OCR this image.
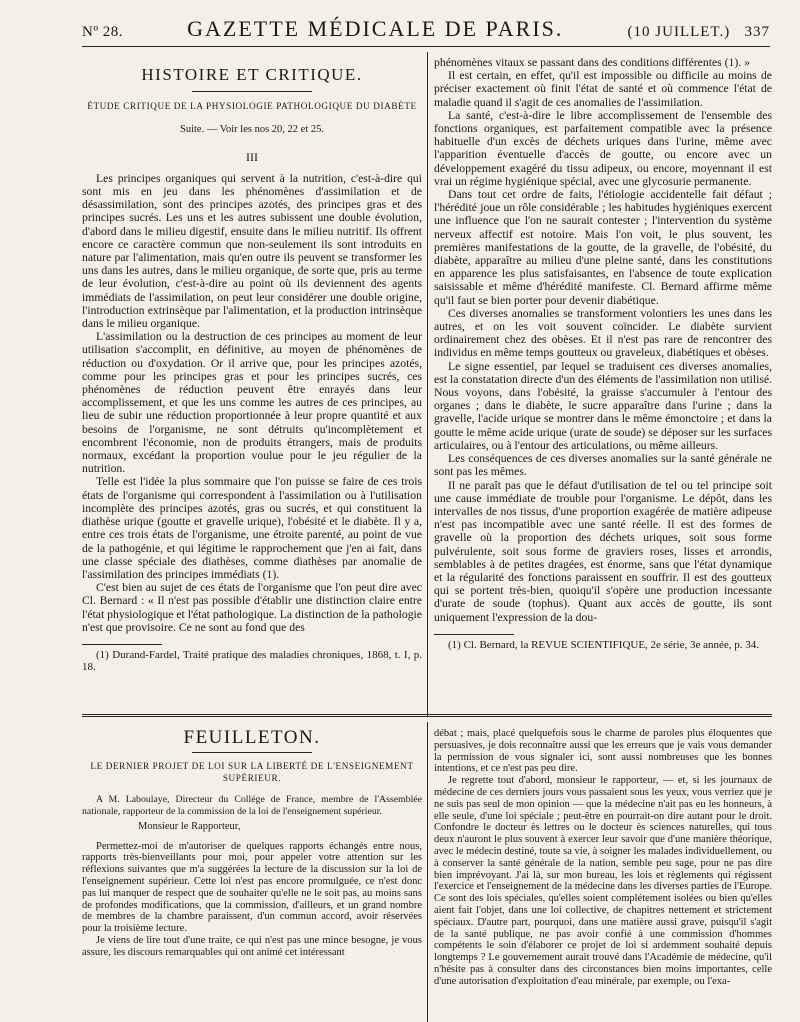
Nº 28.	GAZETTE MÉDICALE DE PARIS.	(10 JUILLET.) 337
HISTOIRE ET CRITIQUE.
ÉTUDE CRITIQUE DE LA PHYSIOLOGIE PATHOLOGIQUE DU DIABÈTE
Suite. — Voir les nos 20, 22 et 25.
III

Les principes organiques qui servent à la nutrition, c'est-à-dire qui sont mis en jeu dans les phénomènes d'assimilation et de désassimilation, sont des principes azotés, des principes gras et des principes sucrés. Les uns et les autres subissent une double évolution, d'abord dans le milieu digestif, ensuite dans le milieu nutritif. Ils offrent encore ce caractère commun que non-seulement ils sont introduits en nature par l'alimentation, mais qu'en outre ils peuvent se transformer les uns dans les autres, dans le milieu organique, de sorte que, pris au terme de leur évolution, c'est-à-dire au point où ils deviennent des agents immédiats de l'assimilation, on peut leur considérer une double origine, l'introduction extrinsèque par l'alimentation, et la production intrinsèque dans le milieu organique.

L'assimilation ou la destruction de ces principes au moment de leur utilisation s'accomplit, en définitive, au moyen de phénomènes de réduction ou d'oxydation. Or il arrive que, pour les principes azotés, comme pour les principes gras et pour les principes sucrés, ces phénomènes de réduction peuvent être enrayés dans leur accomplissement, et que les uns comme les autres de ces principes, au lieu de subir une réduction proportionnée à leur propre quantité et aux besoins de l'organisme, ne sont détruits qu'incomplètement et encombrent l'économie, non de produits étrangers, mais de produits normaux, excédant la proportion voulue pour le jeu régulier de la nutrition.

Telle est l'idée la plus sommaire que l'on puisse se faire de ces trois états de l'organisme qui correspondent à l'assimilation ou à l'utilisation incomplète des principes azotés, gras ou sucrés, et qui constituent la diathèse urique (goutte et gravelle urique), l'obésité et le diabète. Il y a, entre ces trois états de l'organisme, une étroite parenté, au point de vue de la pathogénie, et qui légitime le rapprochement que j'en ai fait, dans une classe spéciale des diathèses, comme diathèses par anomalie de l'assimilation des principes immédiats (1).

C'est bien au sujet de ces états de l'organisme que l'on peut dire avec Cl. Bernard : « Il n'est pas possible d'établir une distinction claire entre l'état physiologique et l'état pathologique. La distinction de la pathologie n'est que provisoire. Ce ne sont au fond que des

(1) Durand-Fardel, Traité pratique des maladies chroniques, 1868, t. I, p. 18.

phénomènes vitaux se passant dans des conditions différentes (1). »

Il est certain, en effet, qu'il est impossible ou difficile au moins de préciser exactement où finit l'état de santé et où commence l'état de maladie quand il s'agit de ces anomalies de l'assimilation.

La santé, c'est-à-dire le libre accomplissement de l'ensemble des fonctions organiques, est parfaitement compatible avec la présence habituelle d'un excès de déchets uriques dans l'urine, même avec l'apparition éventuelle d'accès de goutte, ou encore avec un développement exagéré du tissu adipeux, ou encore, moyennant il est vrai un régime hygiénique spécial, avec une glycosurie permanente.

Dans tout cet ordre de faits, l'étiologie accidentelle fait défaut ; l'hérédité joue un rôle considérable ; les habitudes hygiéniques exercent une influence que l'on ne saurait contester ; l'intervention du système nerveux affectif est notoire. Mais l'on voit, le plus souvent, les premières manifestations de la goutte, de la gravelle, de l'obésité, du diabète, apparaître au milieu d'une pleine santé, dans les constitutions en apparence les plus satisfaisantes, en l'absence de toute explication saisissable et même d'hérédité manifeste. Cl. Bernard affirme même qu'il faut se bien porter pour devenir diabétique.

Ces diverses anomalies se transforment volontiers les unes dans les autres, et on les voit souvent coïncider. Le diabète survient ordinairement chez des obèses. Et il n'est pas rare de rencontrer des individus en même temps goutteux ou graveleux, diabétiques et obèses.

Le signe essentiel, par lequel se traduisent ces diverses anomalies, est la constatation directe d'un des éléments de l'assimilation non utilisé. Nous voyons, dans l'obésité, la graisse s'accumuler à l'entour des organes ; dans le diabète, le sucre apparaître dans l'urine ; dans la gravelle, l'acide urique se montrer dans le même émonctoire ; et dans la goutte le même acide urique (urate de soude) se déposer sur les surfaces articulaires, ou à l'entour des articulations, ou même ailleurs.

Les conséquences de ces diverses anomalies sur la santé générale ne sont pas les mêmes.

Il ne paraît pas que le défaut d'utilisation de tel ou tel principe soit une cause immédiate de trouble pour l'organisme. Le dépôt, dans les intervalles de nos tissus, d'une proportion exagérée de matière adipeuse n'est pas incompatible avec une santé réelle. Il est des formes de gravelle où la proportion des déchets uriques, soit sous forme pulvérulente, soit sous forme de graviers roses, lisses et arrondis, semblables à de petites dragées, est énorme, sans que l'état dynamique et la régularité des fonctions paraissent en souffrir. Il est des goutteux qui se portent très-bien, quoiqu'il s'opère une production incessante d'urate de soude (tophus). Quant aux accès de goutte, ils sont uniquement l'expression de la dou-

(1) Cl. Bernard, la REVUE SCIENTIFIQUE, 2e série, 3e année, p. 34.

FEUILLETON.
LE DERNIER PROJET DE LOI SUR LA LIBERTÉ DE L'ENSEIGNEMENT SUPÉRIEUR.

A M. Laboulaye, Directeur du Collége de France, membre de l'Assemblée nationale, rapporteur de la commission de la loi de l'enseignement supérieur.

Monsieur le Rapporteur,

Permettez-moi de m'autoriser de quelques rapports échangés entre nous, rapports très-bienveillants pour moi, pour appeler votre attention sur les réflexions suivantes que m'a suggérées la lecture de la discussion sur la loi de l'enseignement supérieur. Cette loi n'est pas encore promulguée, ce n'est donc pas lui manquer de respect que de souhaiter qu'elle ne le soit pas, au moins sans de profondes modifications, que la commission, d'ailleurs, et un grand nombre de membres de la chambre paraissent, d'un commun accord, avoir réservées pour la troisième lecture.

Je viens de lire tout d'une traite, ce qui n'est pas une mince besogne, je vous assure, les discours remarquables qui ont animé cet intéressant

débat ; mais, placé quelquefois sous le charme de paroles plus éloquentes que persuasives, je dois reconnaître aussi que les erreurs que je vais vous demander la permission de vous signaler ici, sont aussi nombreuses que les bonnes intentions, et ce n'est pas peu dire.

Je regrette tout d'abord, monsieur le rapporteur, — et, si les journaux de médecine de ces derniers jours vous passaient sous les yeux, vous verriez que je ne suis pas seul de mon opinion — que la médecine n'ait pas eu les honneurs, à elle seule, d'une loi spéciale ; peut-être en pourrait-on dire autant pour le droit. Confondre le docteur ès lettres ou le docteur ès sciences naturelles, qui tous deux n'auront le plus souvent à exercer leur savoir que d'une manière théorique, avec le médecin destiné, toute sa vie, à soigner les malades individuellement, ou à conserver la santé générale de la nation, semble peu sage, pour ne pas dire bien imprévoyant. J'ai là, sur mon bureau, les lois et règlements qui régissent l'exercice et l'enseignement de la médecine dans les diverses parties de l'Europe. Ce sont des lois spéciales, qu'elles soient complétement isolées ou bien qu'elles aient fait l'objet, dans une loi collective, de chapitres nettement et strictement spéciaux. D'autre part, pourquoi, dans une matière aussi grave, puisqu'il s'agit de la santé publique, ne pas avoir confié à une commission d'hommes compétents le soin d'élaborer ce projet de loi si ardemment souhaité depuis longtemps ? Le gouvernement aurait trouvé dans l'Académie de médecine, qu'il n'hésite pas à consulter dans des circonstances bien moins importantes, celle d'une autorisation d'exploitation d'eau minérale, par exemple, ou l'exa-
